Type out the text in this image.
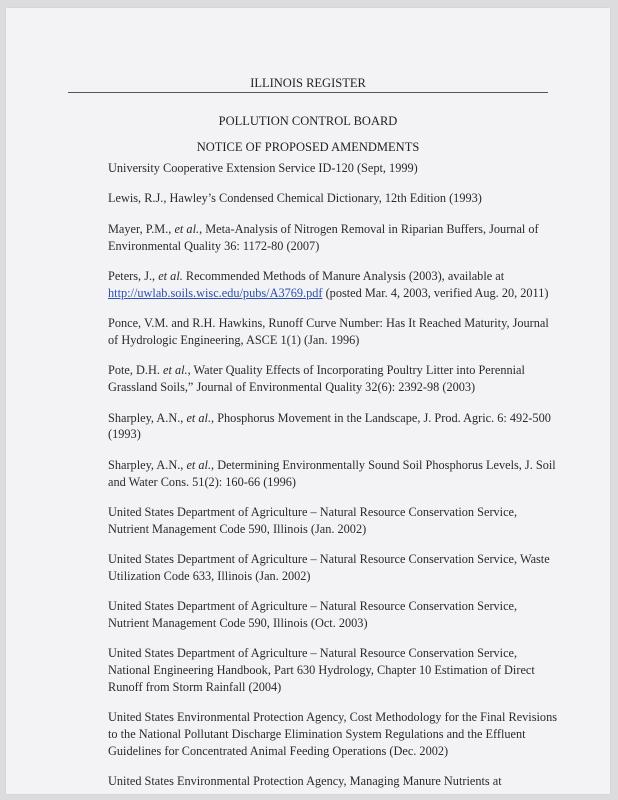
ILLINOIS REGISTER
POLLUTION CONTROL BOARD
NOTICE OF PROPOSED AMENDMENTS
University Cooperative Extension Service ID-120 (Sept, 1999)
Lewis, R.J., Hawley’s Condensed Chemical Dictionary, 12th Edition (1993)
Mayer, P.M., et al., Meta-Analysis of Nitrogen Removal in Riparian Buffers, Journal of Environmental Quality 36: 1172-80 (2007)
Peters, J., et al. Recommended Methods of Manure Analysis (2003), available at http://uwlab.soils.wisc.edu/pubs/A3769.pdf (posted Mar. 4, 2003, verified Aug. 20, 2011)
Ponce, V.M. and R.H. Hawkins, Runoff Curve Number: Has It Reached Maturity, Journal of Hydrologic Engineering, ASCE 1(1) (Jan. 1996)
Pote, D.H. et al., Water Quality Effects of Incorporating Poultry Litter into Perennial Grassland Soils,” Journal of Environmental Quality 32(6): 2392-98 (2003)
Sharpley, A.N., et al., Phosphorus Movement in the Landscape, J. Prod. Agric. 6: 492-500 (1993)
Sharpley, A.N., et al., Determining Environmentally Sound Soil Phosphorus Levels, J. Soil and Water Cons. 51(2): 160-66 (1996)
United States Department of Agriculture – Natural Resource Conservation Service, Nutrient Management Code 590, Illinois (Jan. 2002)
United States Department of Agriculture – Natural Resource Conservation Service, Waste Utilization Code 633, Illinois (Jan. 2002)
United States Department of Agriculture – Natural Resource Conservation Service, Nutrient Management Code 590, Illinois (Oct. 2003)
United States Department of Agriculture – Natural Resource Conservation Service, National Engineering Handbook, Part 630 Hydrology, Chapter 10 Estimation of Direct Runoff from Storm Rainfall (2004)
United States Environmental Protection Agency, Cost Methodology for the Final Revisions to the National Pollutant Discharge Elimination System Regulations and the Effluent Guidelines for Concentrated Animal Feeding Operations (Dec. 2002)
United States Environmental Protection Agency, Managing Manure Nutrients at
